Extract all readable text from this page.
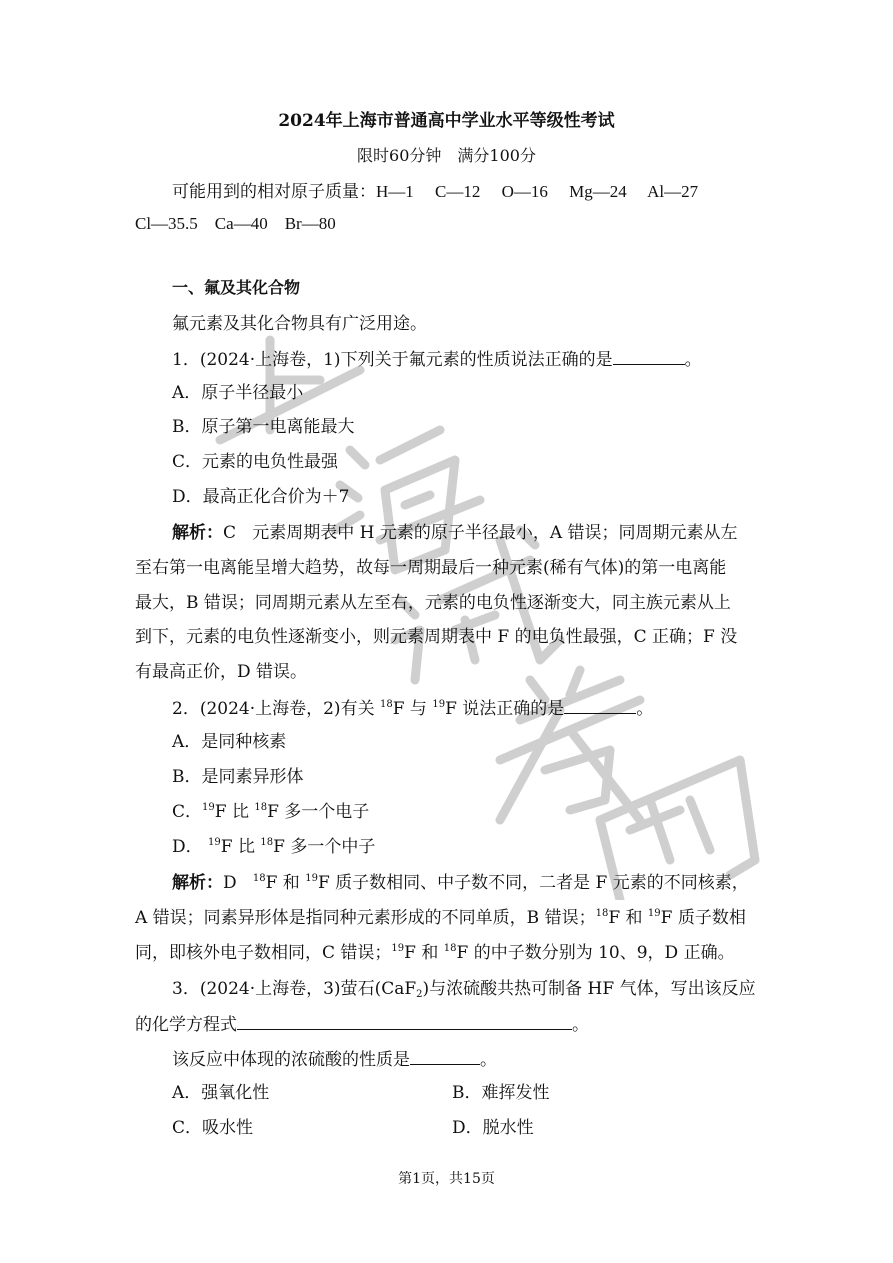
2024年上海市普通高中学业水平等级性考试
限时60分钟　满分100分
可能用到的相对原子质量：H—1　 C—12　 O—16　 Mg—24　 Al—27
Cl—35.5　Ca—40　Br—80
一、氟及其化合物
氟元素及其化合物具有广泛用途。
1．(2024·上海卷，1)下列关于氟元素的性质说法正确的是	。
A．原子半径最小
B．原子第一电离能最大
C．元素的电负性最强
D．最高正化合价为＋7
解析：C 元素周期表中 H 元素的原子半径最小，A 错误；同周期元素从左
至右第一电离能呈增大趋势，故每一周期最后一种元素(稀有气体)的第一电离能
最大，B 错误；同周期元素从左至右，元素的电负性逐渐变大，同主族元素从上
到下，元素的电负性逐渐变小，则元素周期表中 F 的电负性最强，C 正确；F 没
有最高正价，D 错误。
2．(2024·上海卷，2)有关 $^{18}$F 与 $^{19}$F 说法正确的是	。
A．是同种核素
B．是同素异形体
C．$^{19}$F 比 $^{18}$F 多一个电子
D． $^{19}$F 比 $^{18}$F 多一个中子
解析：D $^{18}$F 和 $^{19}$F 质子数相同、中子数不同，二者是 F 元素的不同核素，
A 错误；同素异形体是指同种元素形成的不同单质，B 错误；$^{18}$F 和 $^{19}$F 质子数相
同，即核外电子数相同，C 错误；$^{19}$F 和 $^{18}$F 的中子数分别为 10、9，D 正确。
3．(2024·上海卷，3)萤石(CaF$_2$)与浓硫酸共热可制备 HF 气体，写出该反应
的化学方程式	。
该反应中体现的浓硫酸的性质是	。
A．强氧化性	B．难挥发性
C．吸水性	D．脱水性
第1页，共15页
